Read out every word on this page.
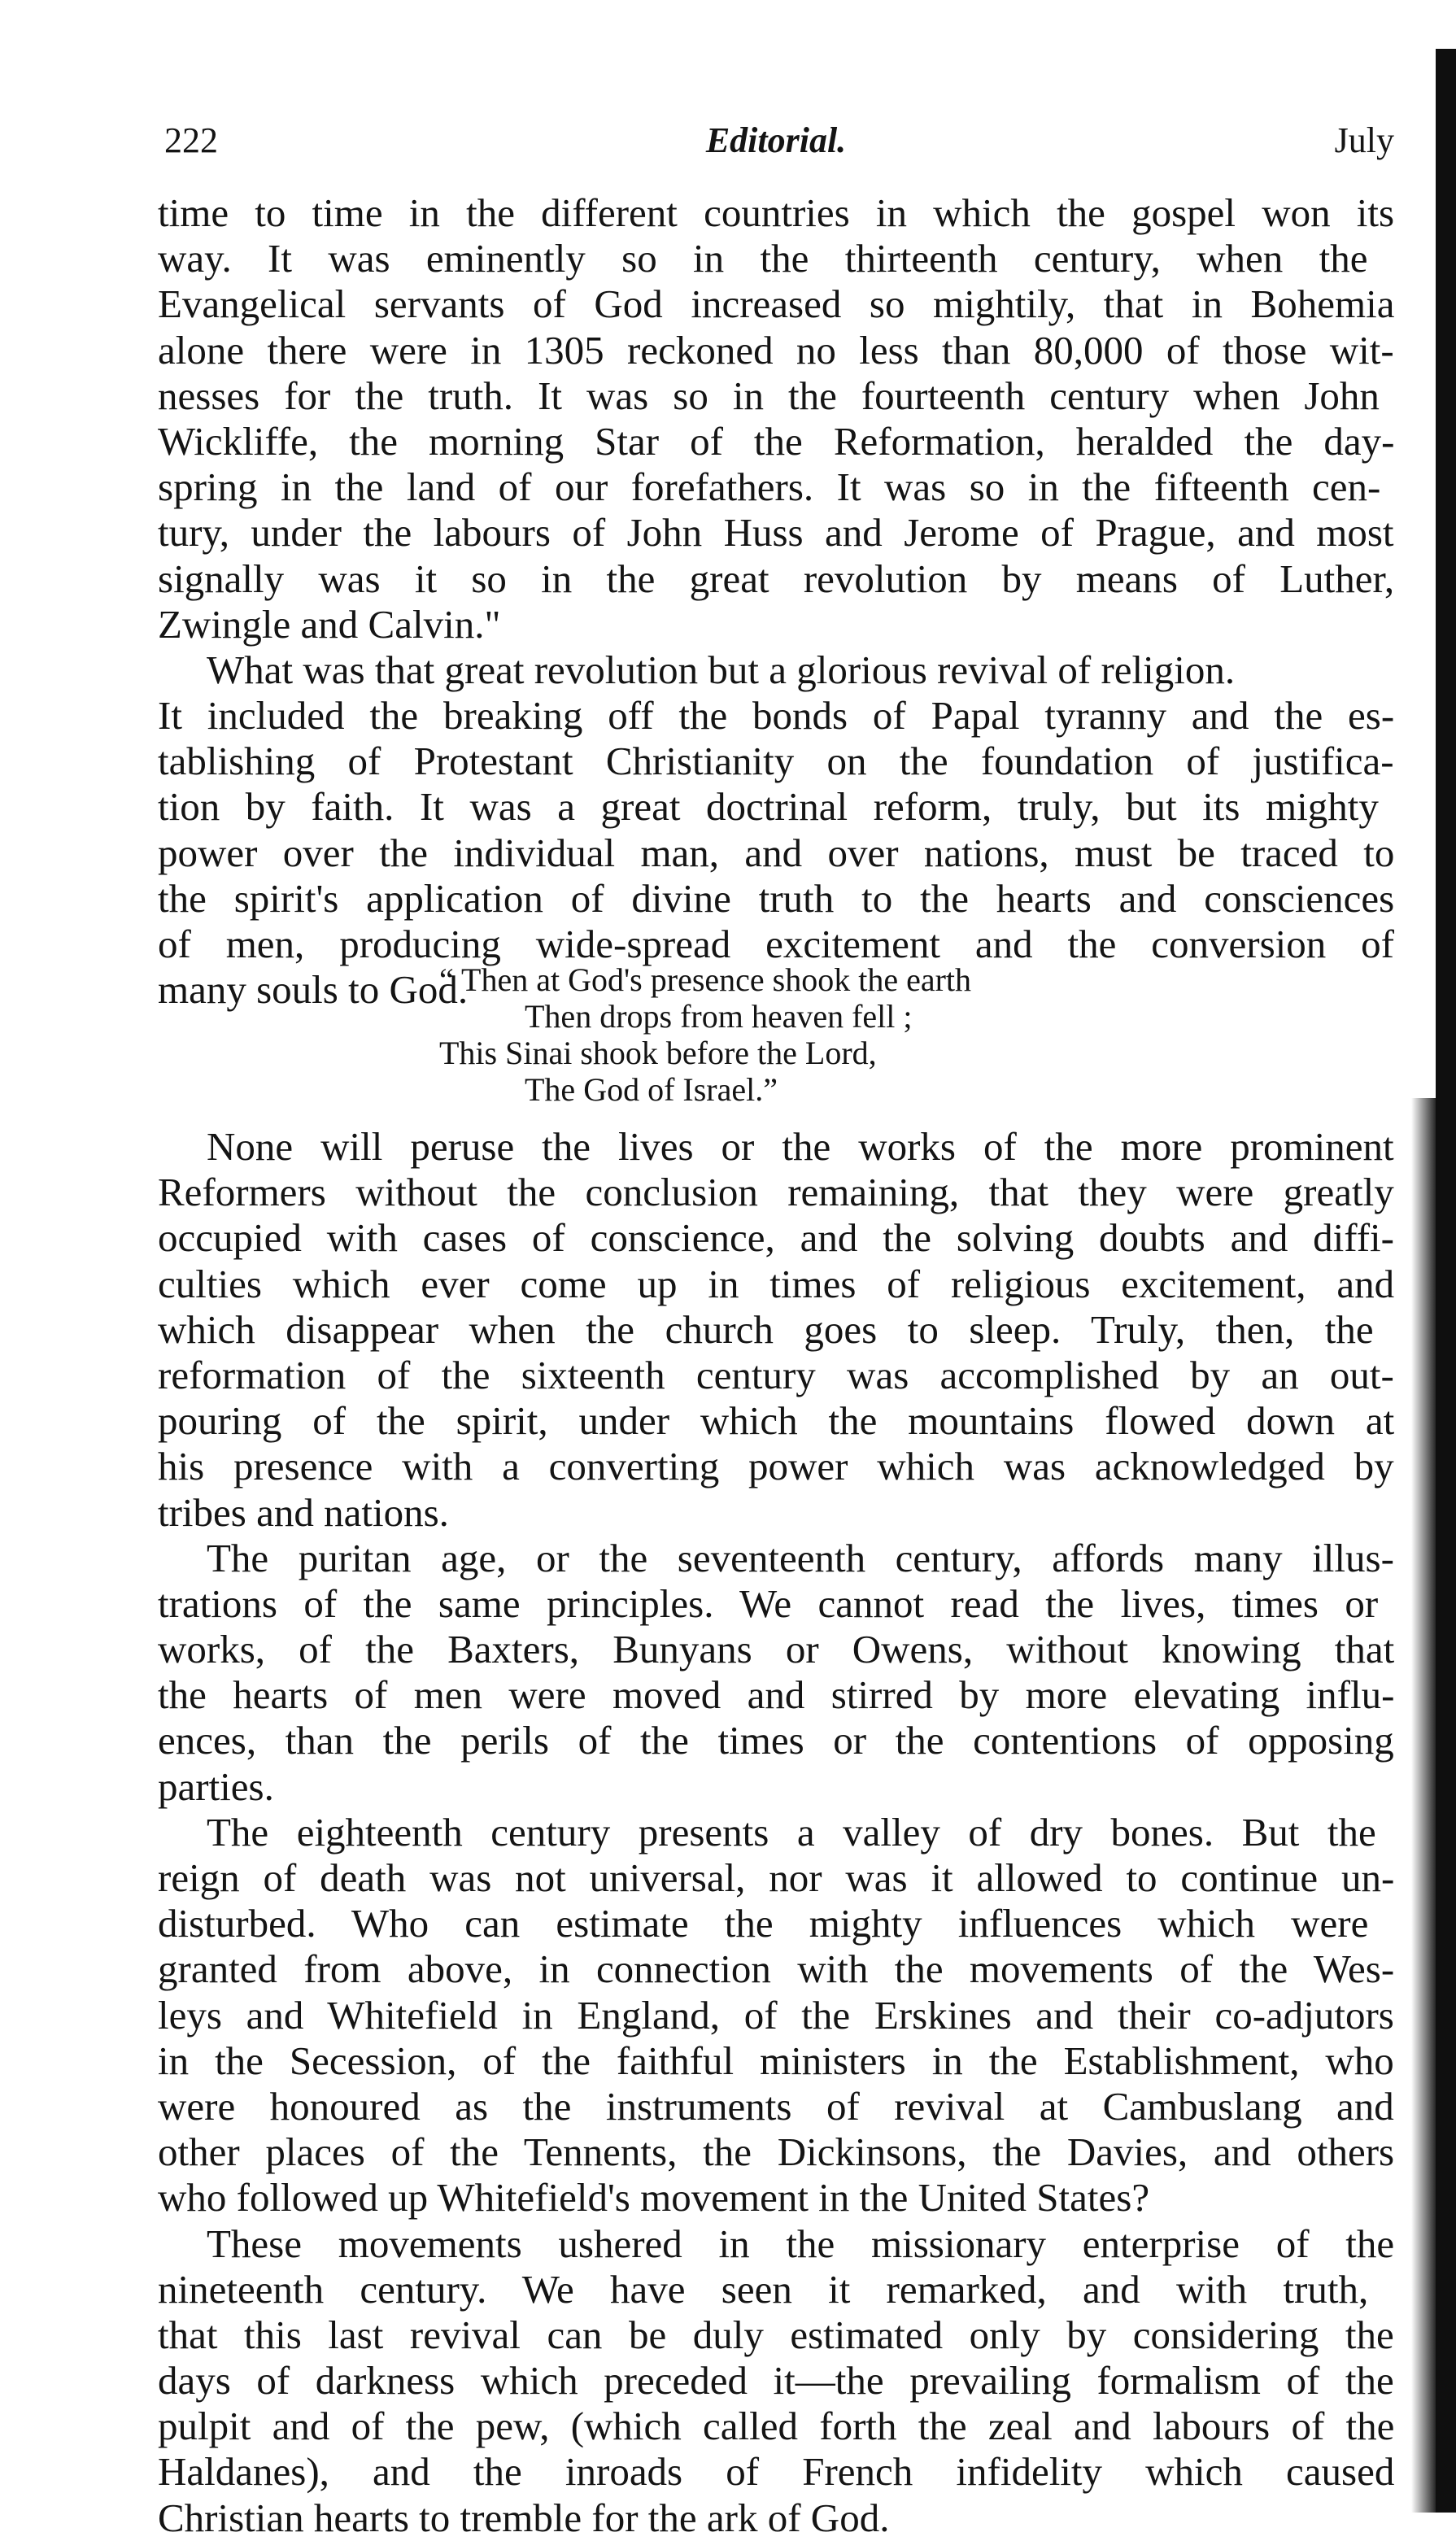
222	Editorial.	July
time to time in the different countries in which the gospel won its
way. It was eminently so in the thirteenth century, when the
Evangelical servants of God increased so mightily, that in Bohemia
alone there were in 1305 reckoned no less than 80,000 of those wit-
nesses for the truth. It was so in the fourteenth century when John
Wickliffe, the morning Star of the Reformation, heralded the day-
spring in the land of our forefathers. It was so in the fifteenth cen-
tury, under the labours of John Huss and Jerome of Prague, and most
signally was it so in the great revolution by means of Luther,
Zwingle and Calvin."
What was that great revolution but a glorious revival of religion.
It included the breaking off the bonds of Papal tyranny and the es-
tablishing of Protestant Christianity on the foundation of justifica-
tion by faith. It was a great doctrinal reform, truly, but its mighty
power over the individual man, and over nations, must be traced to
the spirit's application of divine truth to the hearts and consciences
of men, producing wide-spread excitement and the conversion of
many souls to God.
“ Then at God's presence shook the earth
Then drops from heaven fell ;
This Sinai shook before the Lord,
The God of Israel.”
None will peruse the lives or the works of the more prominent
Reformers without the conclusion remaining, that they were greatly
occupied with cases of conscience, and the solving doubts and diffi-
culties which ever come up in times of religious excitement, and
which disappear when the church goes to sleep. Truly, then, the
reformation of the sixteenth century was accomplished by an out-
pouring of the spirit, under which the mountains flowed down at
his presence with a converting power which was acknowledged by
tribes and nations.
The puritan age, or the seventeenth century, affords many illus-
trations of the same principles. We cannot read the lives, times or
works, of the Baxters, Bunyans or Owens, without knowing that
the hearts of men were moved and stirred by more elevating influ-
ences, than the perils of the times or the contentions of opposing
parties.
The eighteenth century presents a valley of dry bones. But the
reign of death was not universal, nor was it allowed to continue un-
disturbed. Who can estimate the mighty influences which were
granted from above, in connection with the movements of the Wes-
leys and Whitefield in England, of the Erskines and their co-adjutors
in the Secession, of the faithful ministers in the Establishment, who
were honoured as the instruments of revival at Cambuslang and
other places of the Tennents, the Dickinsons, the Davies, and others
who followed up Whitefield's movement in the United States?
These movements ushered in the missionary enterprise of the
nineteenth century. We have seen it remarked, and with truth,
that this last revival can be duly estimated only by considering the
days of darkness which preceded it—the prevailing formalism of the
pulpit and of the pew, (which called forth the zeal and labours of the
Haldanes), and the inroads of French infidelity which caused
Christian hearts to tremble for the ark of God.
